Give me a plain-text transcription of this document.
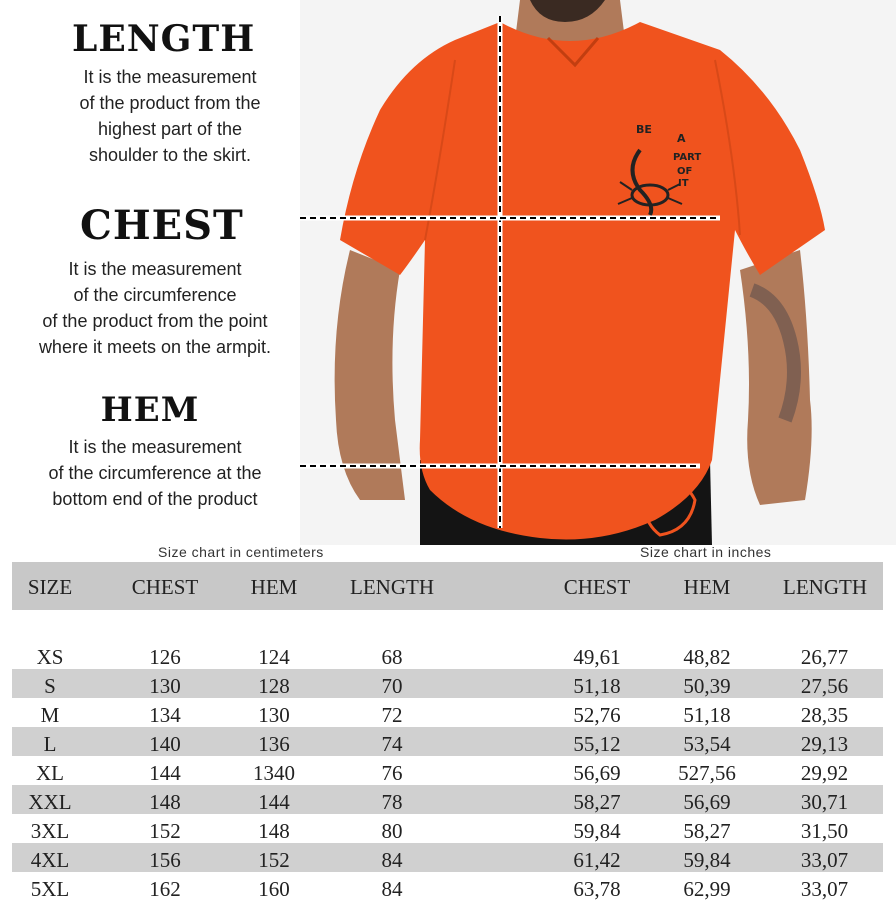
LENGTH
It is the measurement
of the product from the
highest part of the
shoulder to the skirt.
CHEST
It is the measurement
of the circumference
of the product from the point
where it meets on the armpit.
HEM
It is the measurement
of the circumference at the
bottom end of the product
BE
A
PART
OF
IT
Size chart in centimeters	Size chart in inches
SIZE	CHEST	HEM	LENGTH	CHEST	HEM	LENGTH
XS	126	124	68	49,61	48,82	26,77
S	130	128	70	51,18	50,39	27,56
M	134	130	72	52,76	51,18	28,35
L	140	136	74	55,12	53,54	29,13
XL	144	1340	76	56,69	527,56	29,92
XXL	148	144	78	58,27	56,69	30,71
3XL	152	148	80	59,84	58,27	31,50
4XL	156	152	84	61,42	59,84	33,07
5XL	162	160	84	63,78	62,99	33,07
